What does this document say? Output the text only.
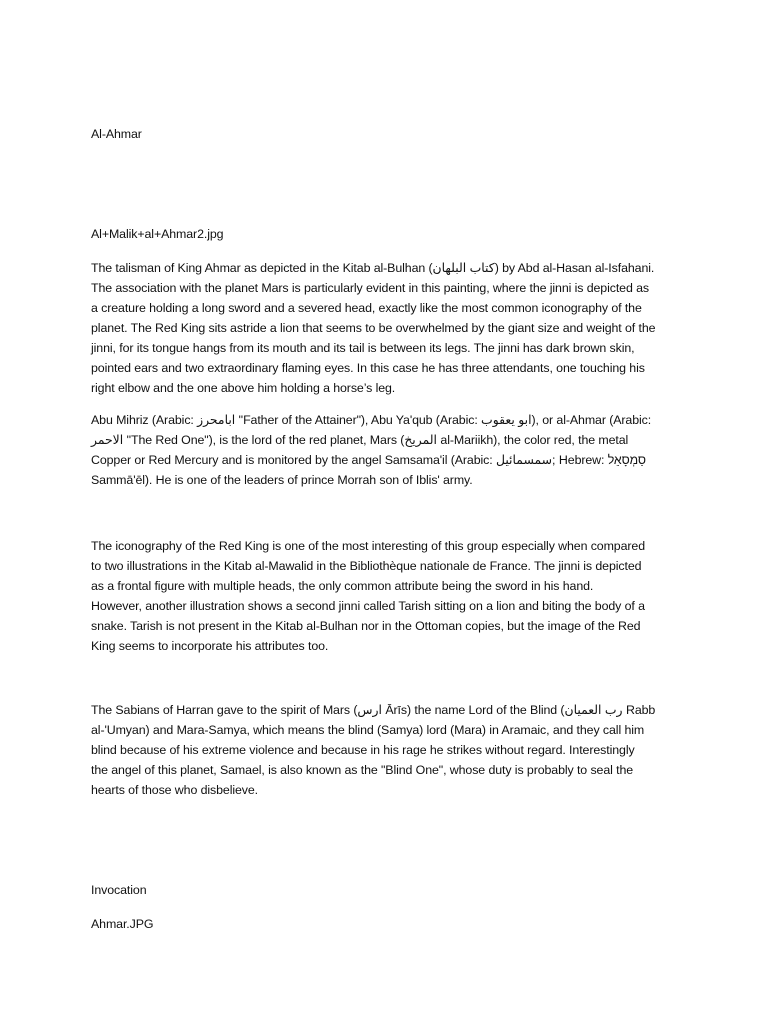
Al-Ahmar
Al+Malik+al+Ahmar2.jpg
The talisman of King Ahmar as depicted in the Kitab al-Bulhan (كتاب البلهان) by Abd al-Hasan al-Isfahani.
The association with the planet Mars is particularly evident in this painting, where the jinni is depicted as
a creature holding a long sword and a severed head, exactly like the most common iconography of the
planet. The Red King sits astride a lion that seems to be overwhelmed by the giant size and weight of the
jinni, for its tongue hangs from its mouth and its tail is between its legs. The jinni has dark brown skin,
pointed ears and two extraordinary flaming eyes. In this case he has three attendants, one touching his
right elbow and the one above him holding a horse’s leg.
Abu Mihriz (Arabic: ابامحرز "Father of the Attainer"), Abu Ya'qub (Arabic: ابو يعقوب), or al-Ahmar (Arabic:
الاحمر "The Red One"), is the lord of the red planet, Mars (المريخ al-Mariikh), the color red, the metal
Copper or Red Mercury and is monitored by the angel Samsama'il (Arabic: سمسمائيل; Hebrew: סַמְסָאֵל
Sammā'ēl). He is one of the leaders of prince Morrah son of Iblis' army.
The iconography of the Red King is one of the most interesting of this group especially when compared
to two illustrations in the Kitab al-Mawalid in the Bibliothèque nationale de France. The jinni is depicted
as a frontal figure with multiple heads, the only common attribute being the sword in his hand.
However, another illustration shows a second jinni called Tarish sitting on a lion and biting the body of a
snake. Tarish is not present in the Kitab al-Bulhan nor in the Ottoman copies, but the image of the Red
King seems to incorporate his attributes too.
The Sabians of Harran gave to the spirit of Mars (ارس Ārīs) the name Lord of the Blind (رب العميان Rabb
al-'Umyan) and Mara-Samya, which means the blind (Samya) lord (Mara) in Aramaic, and they call him
blind because of his extreme violence and because in his rage he strikes without regard. Interestingly
the angel of this planet, Samael, is also known as the "Blind One", whose duty is probably to seal the
hearts of those who disbelieve.
Invocation
Ahmar.JPG
